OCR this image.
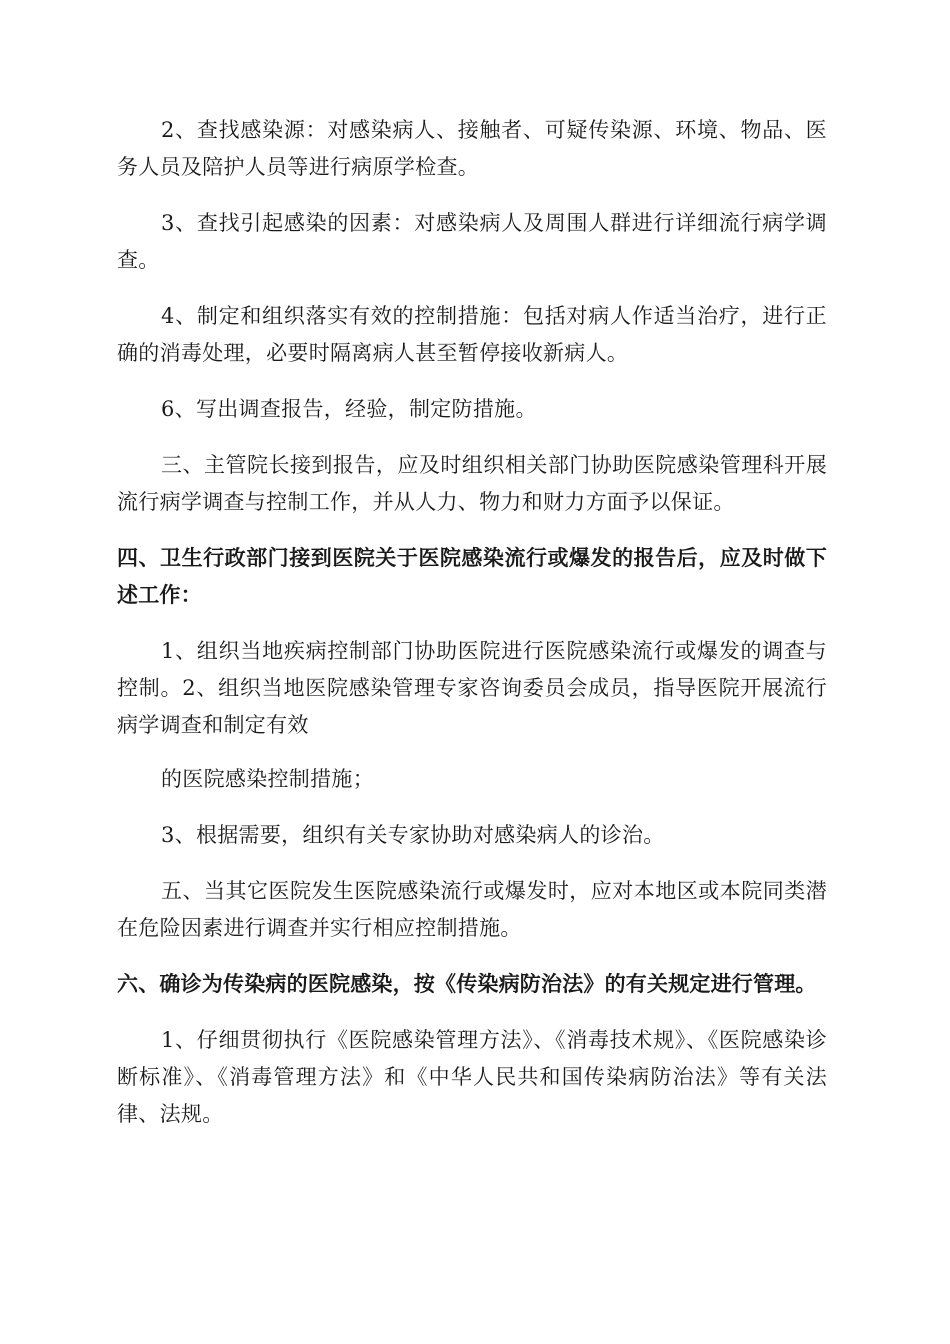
2、查找感染源：对感染病人、接触者、可疑传染源、环境、物品、医务人员及陪护人员等进行病原学检查。

3、查找引起感染的因素：对感染病人及周围人群进行详细流行病学调查。

4、制定和组织落实有效的控制措施：包括对病人作适当治疗，进行正确的消毒处理，必要时隔离病人甚至暂停接收新病人。

6、写出调查报告，经验，制定防措施。

三、主管院长接到报告，应及时组织相关部门协助医院感染管理科开展流行病学调查与控制工作，并从人力、物力和财力方面予以保证。

四、卫生行政部门接到医院关于医院感染流行或爆发的报告后，应及时做下述工作：

1、组织当地疾病控制部门协助医院进行医院感染流行或爆发的调查与控制。2、组织当地医院感染管理专家咨询委员会成员，指导医院开展流行病学调查和制定有效

的医院感染控制措施；

3、根据需要，组织有关专家协助对感染病人的诊治。

五、当其它医院发生医院感染流行或爆发时，应对本地区或本院同类潜在危险因素进行调查并实行相应控制措施。

六、确诊为传染病的医院感染，按《传染病防治法》的有关规定进行管理。

1、仔细贯彻执行《医院感染管理方法》、《消毒技术规》、《医院感染诊断标准》、《消毒管理方法》和《中华人民共和国传染病防治法》等有关法律、法规。
